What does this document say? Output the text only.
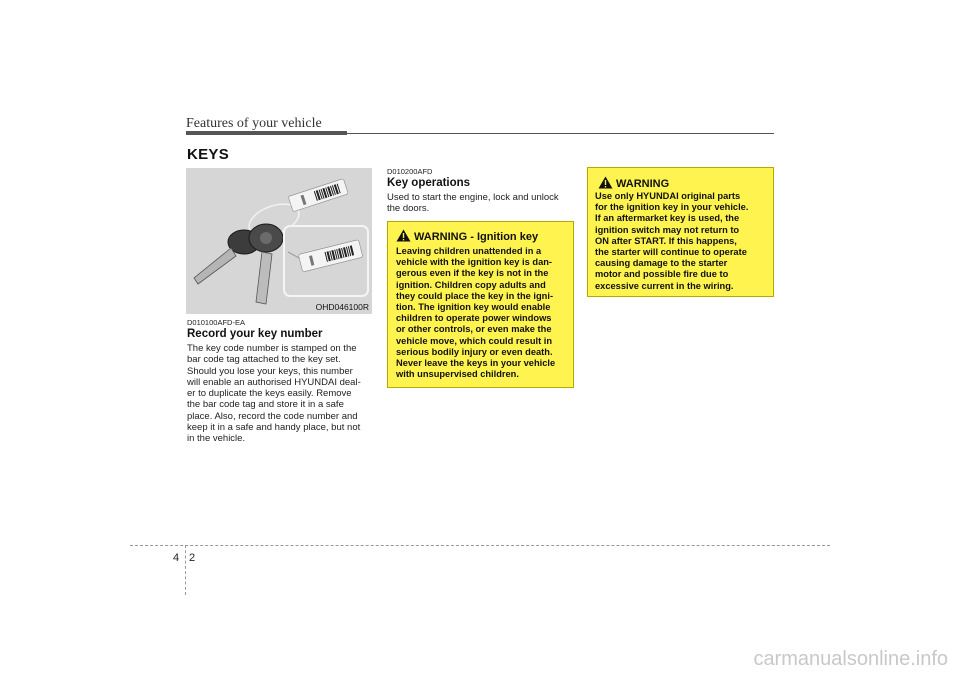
Features of your vehicle
KEYS
OHD046100R
D010100AFD-EA
Record your key number
The key code number is stamped on the
bar code tag attached to the key set.
Should you lose your keys, this number
will enable an authorised HYUNDAI deal-
er to duplicate the keys easily. Remove
the bar code tag and store it in a safe
place. Also, record the code number and
keep it in a safe and handy place, but not
in the vehicle.
D010200AFD
Key operations
Used to start the engine, lock and unlock
the doors.
WARNING - Ignition key
Leaving children unattended in a
vehicle with the ignition key is dan-
gerous even if the key is not in the
ignition. Children copy adults and
they could place the key in the igni-
tion. The ignition key would enable
children to operate power windows
or other controls, or even make the
vehicle move, which could result in
serious bodily injury or even death.
Never leave the keys in your vehicle
with unsupervised children.
WARNING
Use only HYUNDAI original parts
for the ignition key in your vehicle.
If an aftermarket key is used, the
ignition switch may not return to
ON after START. If this happens,
the starter will continue to operate
causing damage to the starter
motor and possible fire due to
excessive current in the wiring.
4 2
carmanualsonline.info
